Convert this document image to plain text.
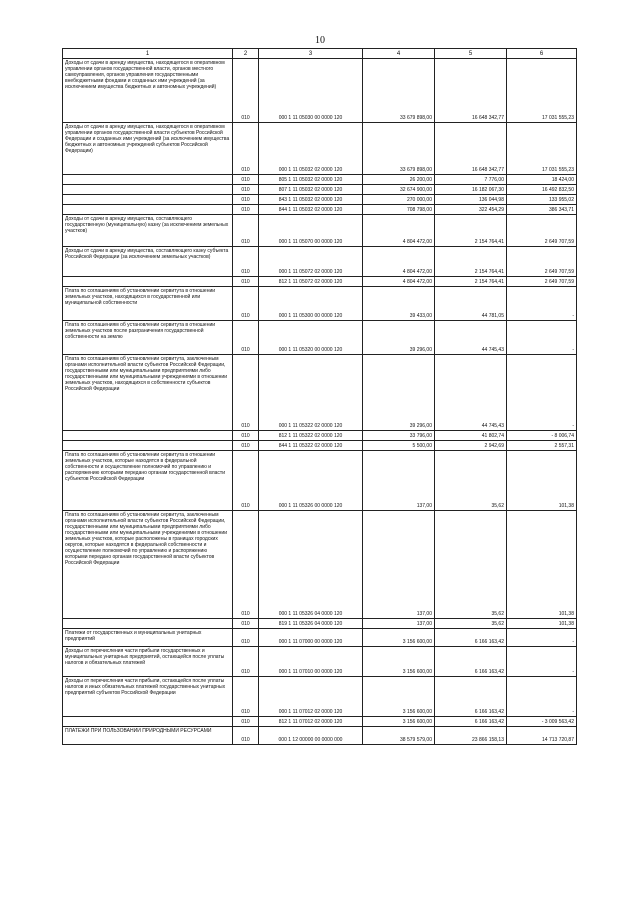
10
1	2	3	4	5	6
Доходы от сдачи в аренду имущества, находящегося в оперативном управлении органов государственной власти, органов местного самоуправления, органов управления государственными внебюджетными фондами и созданных ими учреждений (за исключением имущества бюджетных и автономных учреждений)	010	000 1 11 05030 00 0000 120	33 679 898,00	16 648 342,77	17 031 555,23
Доходы от сдачи в аренду имущества, находящегося в оперативном управлении органов государственной власти субъектов Российской Федерации и созданных ими учреждений (за исключением имущества бюджетных и автономных учреждений субъектов Российской Федерации)	010	000 1 11 05032 02 0000 120	33 679 898,00	16 648 342,77	17 031 555,23
	010	805 1 11 05032 02 0000 120	26 200,00	7 776,00	18 424,00
	010	807 1 11 05032 02 0000 120	32 674 900,00	16 182 067,30	16 492 832,50
	010	843 1 11 05032 02 0000 120	270 000,00	136 044,98	133 955,02
	010	844 1 11 05032 02 0000 120	708 798,00	322 454,29	386 343,71
Доходы от сдачи в аренду имущества, составляющего государственную (муниципальную) казну (за исключением земельных участков)	010	000 1 11 05070 00 0000 120	4 804 472,00	2 154 764,41	2 649 707,59
Доходы от сдачи в аренду имущества, составляющего казну субъекта Российской Федерации (за исключением земельных участков)	010	000 1 11 05072 02 0000 120	4 804 472,00	2 154 764,41	2 649 707,59
	010	812 1 11 05072 02 0000 120	4 804 472,00	2 154 764,41	2 649 707,59
Плата по соглашениям об установлении сервитута в отношении земельных участков, находящихся в государственной или муниципальной собственности	010	000 1 11 05300 00 0000 120	39 433,00	44 781,05	-
Плата по соглашениям об установлении сервитута в отношении земельных участков после разграничения государственной собственности на землю	010	000 1 11 05320 00 0000 120	39 296,00	44 745,43	-
Плата по соглашениям об установлении сервитута, заключенным органами исполнительной власти субъектов Российской Федерации, государственными или муниципальными предприятиями либо государственными или муниципальными учреждениями в отношении земельных участков, находящихся в собственности субъектов Российской Федерации	010	000 1 11 05322 02 0000 120	39 296,00	44 745,43	-
	010	812 1 11 05322 02 0000 120	33 796,00	41 802,74	- 8 006,74
	010	844 1 11 05322 02 0000 120	5 500,00	2 942,69	2 557,31
Плата по соглашениям об установлении сервитута в отношении земельных участков, которые находятся в федеральной собственности и осуществление полномочий по управлению и распоряжению которыми передано органам государственной власти субъектов Российской Федерации	010	000 1 11 05326 00 0000 120	137,00	35,62	101,38
Плата по соглашениям об установлении сервитута, заключенным органами исполнительной власти субъектов Российской Федерации, государственными или муниципальными предприятиями либо государственными или муниципальными учреждениями в отношении земельных участков, которые расположены в границах городских округов, которые находятся в федеральной собственности и осуществление полномочий по управлению и распоряжению которыми передано органам государственной власти субъектов Российской Федерации	010	000 1 11 05326 04 0000 120	137,00	35,62	101,38
	010	819 1 11 05326 04 0000 120	137,00	35,62	101,38
Платежи от государственных и муниципальных унитарных предприятий	010	000 1 11 07000 00 0000 120	3 156 600,00	6 166 163,42	-
Доходы от перечисления части прибыли государственных и муниципальных унитарных предприятий, остающейся после уплаты налогов и обязательных платежей	010	000 1 11 07010 00 0000 120	3 156 600,00	6 166 163,42	-
Доходы от перечисления части прибыли, остающейся после уплаты налогов и иных обязательных платежей государственных унитарных предприятий субъектов Российской Федерации	010	000 1 11 07012 02 0000 120	3 156 600,00	6 166 163,42	-
	010	812 1 11 07012 02 0000 120	3 156 600,00	6 166 163,42	- 3 009 563,42
ПЛАТЕЖИ ПРИ ПОЛЬЗОВАНИИ ПРИРОДНЫМИ РЕСУРСАМИ	010	000 1 12 00000 00 0000 000	38 579 579,00	23 866 158,13	14 713 720,87
